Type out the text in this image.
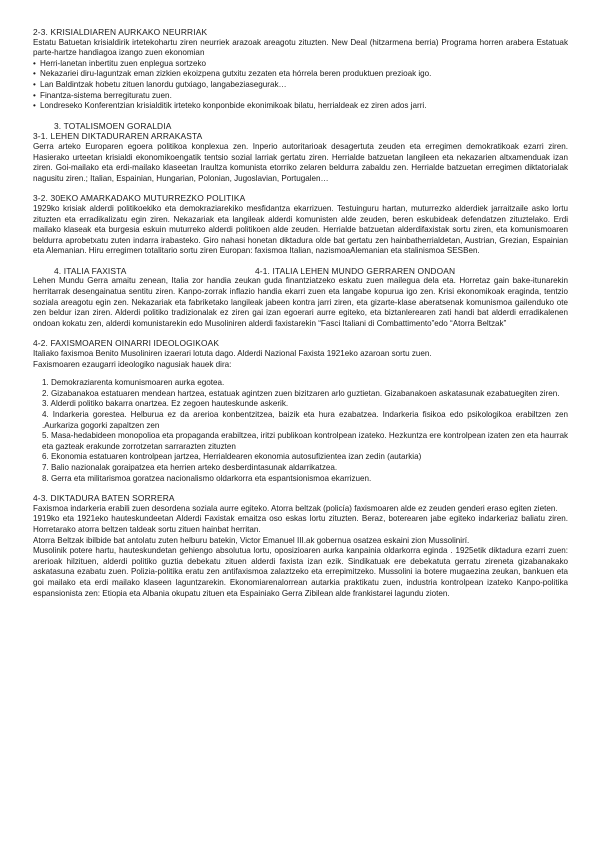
2-3. KRISIALDIAREN AURKAKO NEURRIAK

Estatu Batuetan krisialdirik irtetekohartu ziren neurriek arazoak areagotu zituzten. New Deal (hitzarmena berria) Programa horren arabera Estatuak parte-hartze handiagoa izango zuen ekonomian

• Herri-lanetan inbertitu zuen enplegua sortzeko
• Nekazariei diru-laguntzak eman zizkien ekoizpena gutxitu zezaten eta hórrela beren produktuen prezioak igo.
• Lan Baldintzak hobetu zituen lanordu gutxiago, langabeziasegurak…
• Finantza-sistema berregituratu zuen.
• Londreseko Konferentzian krisialditik irteteko konponbide ekonimikoak bilatu, herrialdeak ez ziren ados jarri.

3. TOTALISMOEN GORALDIA

3-1. LEHEN DIKTADURAREN ARRAKASTA

Gerra arteko Europaren egoera politikoa konplexua zen. Inperio autoritarioak desagertuta zeuden eta erregimen demokratikoak ezarri ziren. Hasierako urteetan krisialdi ekonomikoengatik tentsio sozial larriak gertatu ziren. Herrialde batzuetan langileen eta nekazarien altxamenduak izan ziren. Goi-mailako eta erdi-mailako klaseetan Iraultza komunista etorriko zelaren beldurra zabaldu zen. Herrialde batzuetan erregimen diktatorialak nagusitu ziren.; Italian, Espainian, Hungarian, Polonian, Jugoslavian, Portugalen…

3-2. 30EKO AMARKADAKO MUTURREZKO POLITIKA

1929ko krisiak alderdi politikoekiko eta demokraziarekiko mesfidantza ekarrizuen. Testuinguru hartan, muturrezko alderdiek jarraitzaile asko lortu zituzten eta erradikalizatu egin ziren. Nekazariak eta langileak alderdi komunisten alde zeuden, beren eskubideak defendatzen zituztelako. Erdi mailako klaseak eta burgesia eskuin muturreko alderdi politikoen alde zeuden. Herrialde batzuetan alderdifaxistak sortu ziren, eta komunismoaren beldurra aprobetxatu zuten indarra irabasteko. Giro nahasi honetan diktadura olde bat gertatu zen hainbatherrialdetan, Austrian, Grezian, Espainian eta Alemanian. Hiru erregimen totalitario sortu ziren Europan: faxismoa Italian, nazismoaAlemanian eta stalinismoa SESBen.

4. ITALIA FAXISTA	4-1. ITALIA LEHEN MUNDO GERRAREN ONDOAN

Lehen Mundu Gerra amaitu zenean, Italia zor handia zeukan guda finantziatzeko eskatu zuen mailegua dela eta. Horretaz gain bake-itunarekin herritarrak desengainatua sentitu ziren. Kanpo-zorrak inflazio handia ekarri zuen eta langabe kopurua igo zen. Krisi ekonomikoak eraginda, tentzio soziala areagotu egin zen. Nekazariak eta fabriketako langileak jabeen kontra jarri ziren, eta gizarte-klase aberatsenak komunismoa gailenduko ote zen beldur izan ziren. Alderdi politiko tradizionalak ez ziren gai izan egoerari aurre egiteko, eta biztanlerearen zati handi bat alderdi erradikalenen ondoan kokatu zen, alderdi komunistarekin edo Musoliniren alderdi faxistarekin “Fasci Italiani di Combattimento”edo “Atorra Beltzak”

4-2. FAXISMOAREN OINARRI IDEOLOGIKOAK

Italiako faxismoa Benito Musoliniren izaerari lotuta dago. Alderdi Nazional Faxista 1921eko azaroan sortu zuen.

Faxismoaren ezaugarri ideologiko nagusiak hauek dira:

1. Demokraziarenta komunismoaren aurka egotea.
2. Gizabanakoa estatuaren mendean hartzea, estatuak agintzen zuen bizitzaren arlo guztietan. Gizabanakoen askatasunak ezabatuegiten ziren.
3. Alderdi politiko bakarra onartzea. Ez zegoen hauteskunde askerik.
4. Indarkeria gorestea. Helburua ez da arerioa konbentzitzea, baizik eta hura ezabatzea. Indarkeria fisikoa edo psikologikoa erabiltzen zen .Aurkariza gogorki zapaltzen zen
5. Masa-hedabideen monopolioa eta propaganda erabiltzea, iritzi publikoan kontrolpean izateko. Hezkuntza ere kontrolpean izaten zen eta haurrak eta gazteak erakunde zorrotzetan sarrarazten zituzten
6. Ekonomia estatuaren kontrolpean jartzea, Herrialdearen ekonomia autosufizientea izan zedin (autarkia)
7. Balio nazionalak goraipatzea eta herrien artekо desberdintasunak aldarrikatzea.
8. Gerra eta militarismoa goratzea nacionalismo oldarkorra eta espantsionismoa ekarrizuen.

4-3. DIKTADURA BATEN SORRERA

Faxismoa indarkeria erabili zuen desordena soziala aurre egiteko. Atorra beltzak (policía) faxismoaren alde ez zeuden genderi eraso egiten zieten.

1919ko eta 1921eko hauteskundeetan Alderdi Faxistak emaitza oso eskas lortu zituzten. Beraz, boterearen jabe egiteko indarkeriaz baliatu ziren. Horretarako atorra beltzen taldeak sortu zituen hainbat herritan.

Atorra Beltzak ibilbide bat antolatu zuten helburu batekin, Victor Emanuel III.ak gobernua osatzea eskaini zion Mussolinirí.

Musolinik potere hartu, hauteskundetan gehiengo absolutua lortu, oposizioaren aurka kanpainia oldarkorra eginda . 1925etik diktadura ezarri zuen: arerioak hilzituen, alderdi politiko guztia debekatu zituen alderdi faxista izan ezik. Sindikatuak ere debekatuta gerratu zireneta gizabanakako askatasuna ezabatu zuen. Polizia-politika eratu zen antifaxismoa zalaztzeko eta errepimitzeko. Mussolini ia botere mugaezina zeukan, bankuen eta goi mailako eta erdi mailako klaseen laguntzarekin. Ekonomiarenalorrean autarkia praktikatu zuen, industria kontrolpean izateko Kanpo-politika espansionista zen: Etiopia eta Albania okupatu zituen eta Espainiako Gerra Zibilean alde frankistarei lagundu zioten.
